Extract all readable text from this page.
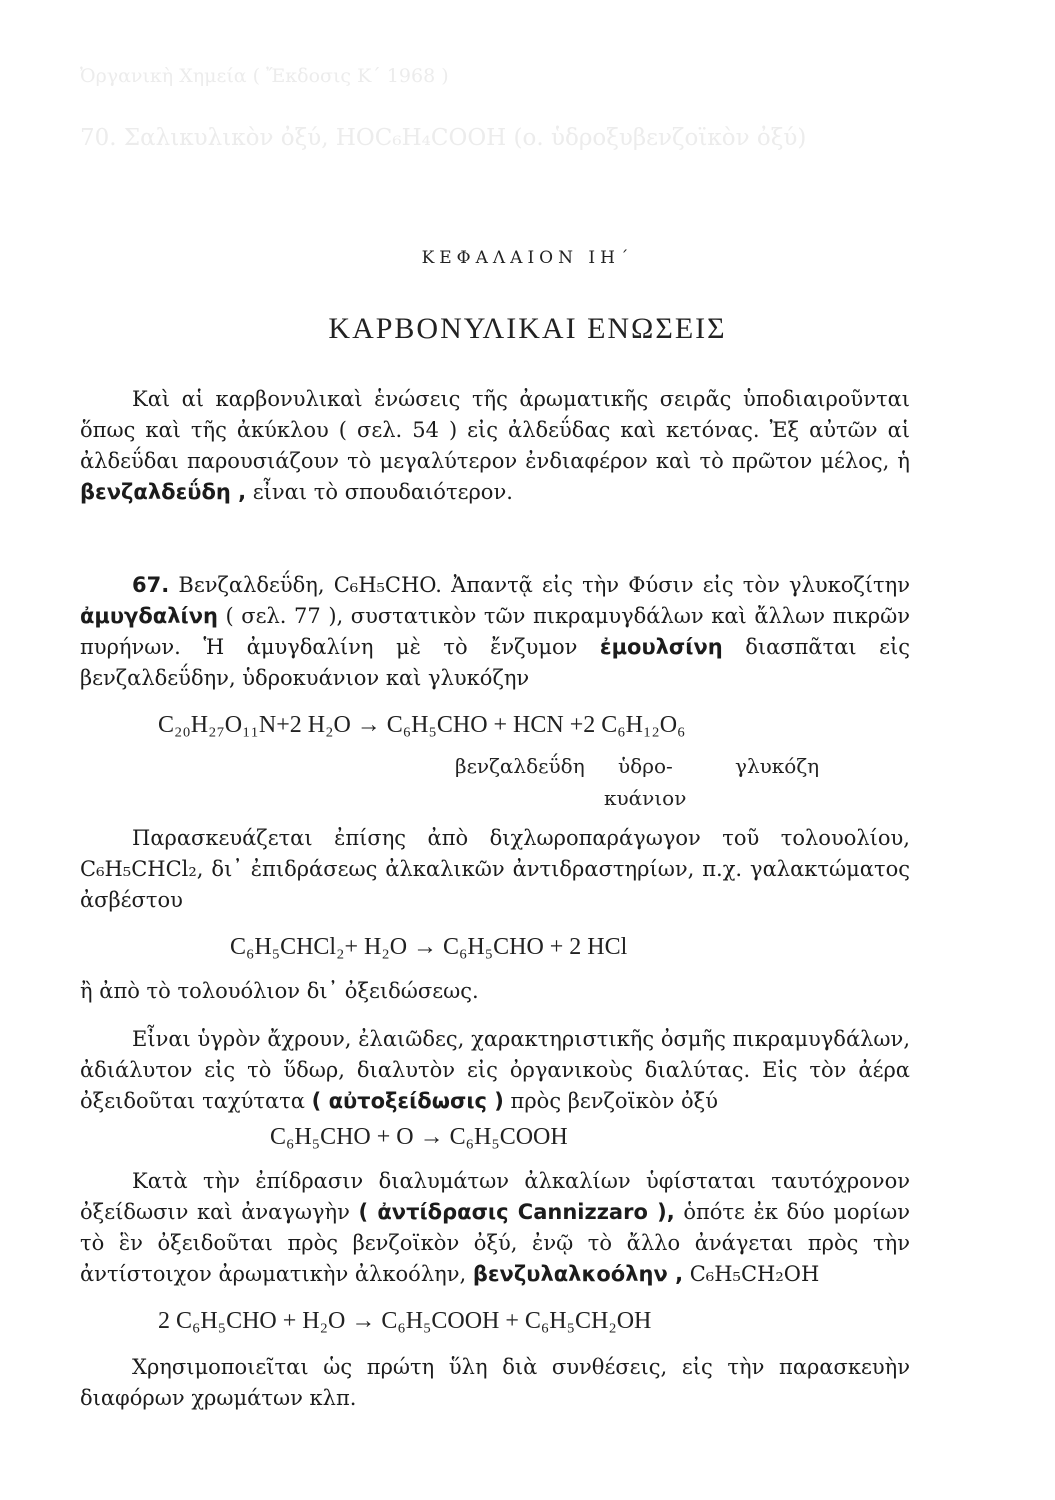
Ὀργανικὴ Χημεία ( Ἔκδοσις Κ΄ 1968 )
70. Σαλικυλικὸν ὀξύ, HOC₆H₄COOH (ο. ὑδροξυβενζοϊκὸν ὀξύ)
ΚΕΦΑΛΑΙΟΝ ΙΗ΄
ΚΑΡΒΟΝΥΛΙΚΑΙ ΕΝΩΣΕΙΣ

Καὶ αἱ καρβονυλικαὶ ἑνώσεις τῆς ἀρωματικῆς σειρᾶς ὑποδιαιροῦνται ὅπως καὶ τῆς ἀκύκλου ( σελ. 54 ) εἰς ἀλδεΰδας καὶ κετόνας. Ἐξ αὐτῶν αἱ ἀλδεΰδαι παρουσιάζουν τὸ μεγαλύτερον ἐνδιαφέρον καὶ τὸ πρῶτον μέλος, ἡ βενζαλδεΰδη , εἶναι τὸ σπουδαιότερον.

67. Βενζαλδεΰδη, C₆H₅CHO. Ἀπαντᾷ εἰς τὴν Φύσιν εἰς τὸν γλυκοζίτην ἀμυγδαλίνη ( σελ. 77 ), συστατικὸν τῶν πικραμυγδάλων καὶ ἄλλων πικρῶν πυρήνων. Ἡ ἀμυγδαλίνη μὲ τὸ ἔνζυμον ἐμουλσίνη διασπᾶται εἰς βενζαλδεΰδην, ὑδροκυάνιον καὶ γλυκόζην

C₂₀H₂₇O₁₁N+2 H₂O → C₆H₅CHO + HCN +2 C₆H₁₂O₆
βενζαλδεΰδη ὑδρο-
κυάνιον
γλυκόζη

Παρασκευάζεται ἐπίσης ἀπὸ διχλωροπαράγωγον τοῦ τολουολίου, C₆H₅CHCl₂, δι᾽ ἐπιδράσεως ἀλκαλικῶν ἀντιδραστηρίων, π.χ. γαλακτώματος ἀσβέστου

C₆H₅CHCl₂+ H₂O → C₆H₅CHO + 2 HCl

ἢ ἀπὸ τὸ τολουόλιον δι᾽ ὀξειδώσεως.

Εἶναι ὑγρὸν ἄχρουν, ἐλαιῶδες, χαρακτηριστικῆς ὀσμῆς πικραμυγδάλων, ἀδιάλυτον εἰς τὸ ὕδωρ, διαλυτὸν εἰς ὀργανικοὺς διαλύτας. Εἰς τὸν ἀέρα ὀξειδοῦται ταχύτατα ( αὐτοξείδωσις ) πρὸς βενζοϊκὸν ὀξύ

C₆H₅CHO + O → C₆H₅COOH

Κατὰ τὴν ἐπίδρασιν διαλυμάτων ἀλκαλίων ὑφίσταται ταυτόχρονον ὀξείδωσιν καὶ ἀναγωγὴν ( ἀντίδρασις Cannizzaro ), ὁπότε ἐκ δύο μορίων τὸ ἓν ὀξειδοῦται πρὸς βενζοϊκὸν ὀξύ, ἐνῷ τὸ ἄλλο ἀνάγεται πρὸς τὴν ἀντίστοιχον ἀρωματικὴν ἀλκοόλην, βενζυλαλκοόλην , C₆H₅CH₂OH

2 C₆H₅CHO + H₂O → C₆H₅COOH + C₆H₅CH₂OH

Χρησιμοποιεῖται ὡς πρώτη ὕλη διὰ συνθέσεις, εἰς τὴν παρασκευὴν διαφόρων χρωμάτων κλπ.
